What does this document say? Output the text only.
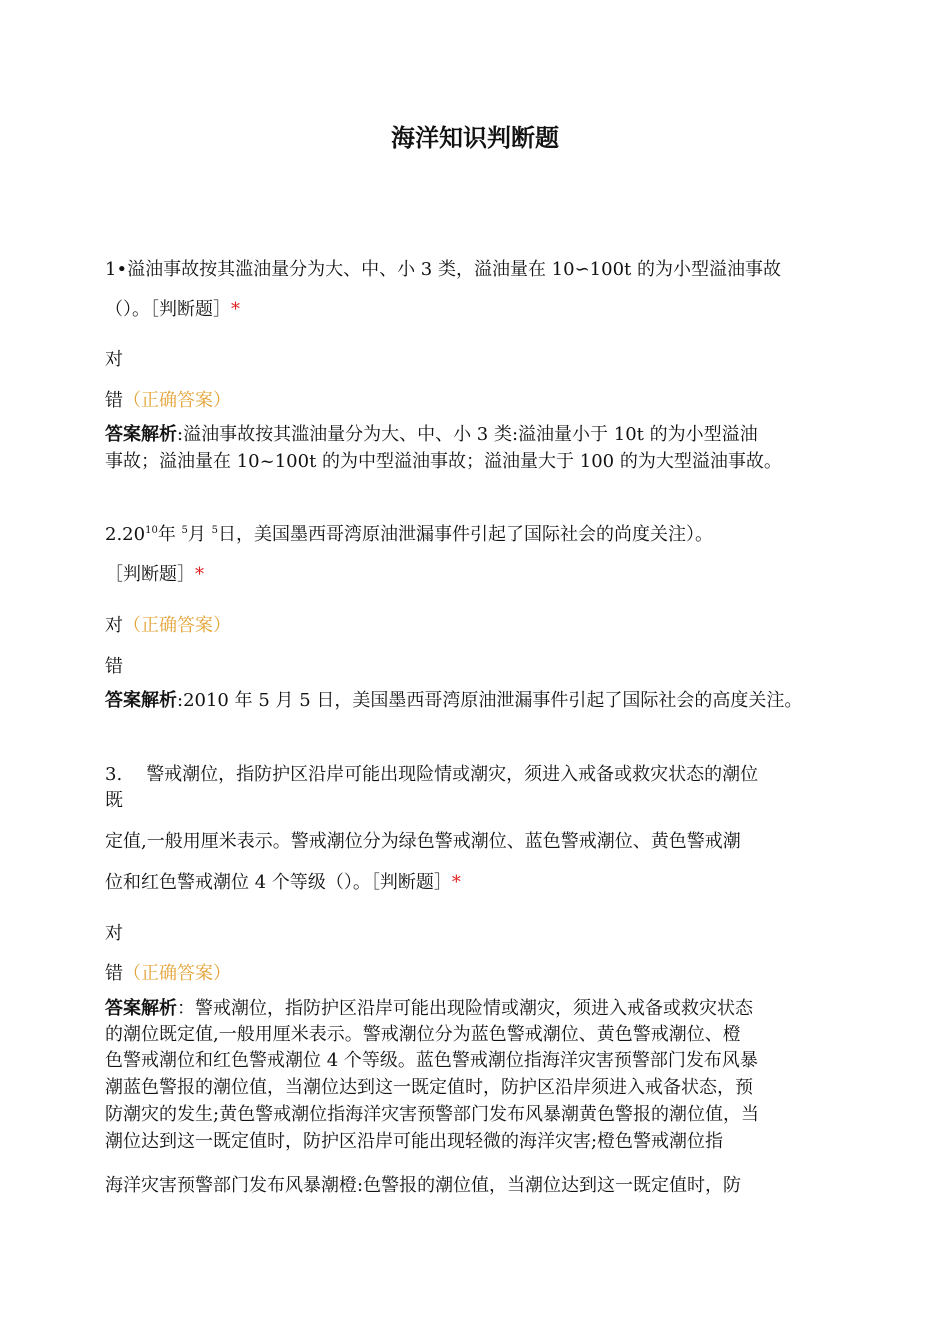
海洋知识判断题

1•溢油事故按其滥油量分为大、中、小 3 类，溢油量在 10∽100t 的为小型溢油事故

（）。［判断题］*

对

错（正确答案）

答案解析:溢油事故按其滥油量分为大、中、小 3 类:溢油量小于 10t 的为小型溢油

事故；溢油量在 10~100t 的为中型溢油事故；溢油量大于 100 的为大型溢油事故。

2.20$^{10}$年 $^5$月 $^5$日，美国墨西哥湾原油泄漏事件引起了国际社会的尚度关注）。

［判断题］*

对（正确答案）

错

答案解析:2010 年 5 月 5 日，美国墨西哥湾原油泄漏事件引起了国际社会的高度关注。

3. 警戒潮位，指防护区沿岸可能出现险情或潮灾，须进入戒备或救灾状态的潮位

既

定值,一般用厘米表示。警戒潮位分为绿色警戒潮位、蓝色警戒潮位、黄色警戒潮

位和红色警戒潮位 4 个等级（）。［判断题］*

对

错（正确答案）

答案解析：警戒潮位，指防护区沿岸可能出现险情或潮灾，须进入戒备或救灾状态

的潮位既定值,一般用厘米表示。警戒潮位分为蓝色警戒潮位、黄色警戒潮位、橙

色警戒潮位和红色警戒潮位 4 个等级。蓝色警戒潮位指海洋灾害预警部门发布风暴

潮蓝色警报的潮位值，当潮位达到这一既定值时，防护区沿岸须进入戒备状态，预

防潮灾的发生;黄色警戒潮位指海洋灾害预警部门发布风暴潮黄色警报的潮位值，当

潮位达到这一既定值时，防护区沿岸可能出现轻微的海洋灾害;橙色警戒潮位指

海洋灾害预警部门发布风暴潮橙:色警报的潮位值，当潮位达到这一既定值时，防
